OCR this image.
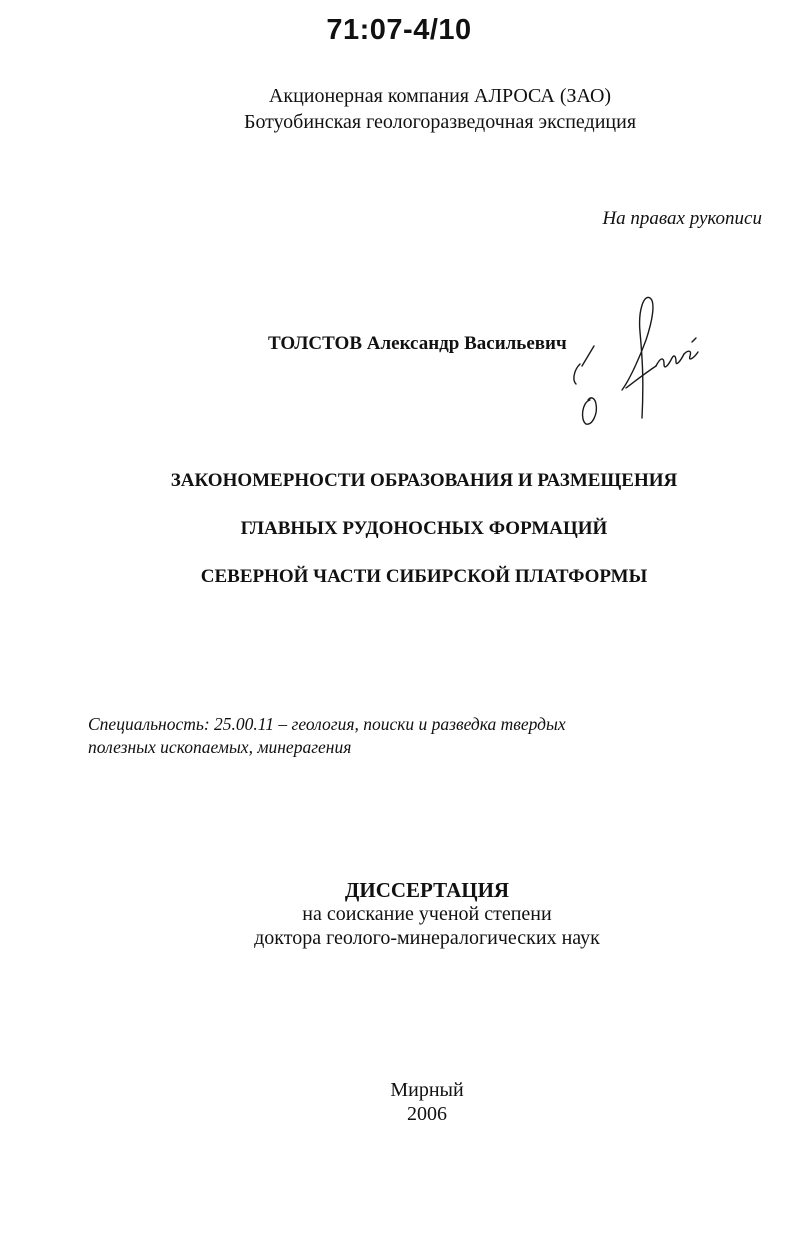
71:07-4/10
Акционерная компания АЛРОСА (ЗАО)
Ботуобинская геологоразведочная экспедиция
На правах рукописи
ТОЛСТОВ Александр Васильевич
ЗАКОНОМЕРНОСТИ ОБРАЗОВАНИЯ И РАЗМЕЩЕНИЯ
ГЛАВНЫХ РУДОНОСНЫХ ФОРМАЦИЙ
СЕВЕРНОЙ ЧАСТИ СИБИРСКОЙ ПЛАТФОРМЫ
Специальность: 25.00.11 – геология, поиски и разведка твердых
полезных ископаемых, минерагения
ДИССЕРТАЦИЯ
на соискание ученой степени
доктора геолого-минералогических наук
Мирный
2006
